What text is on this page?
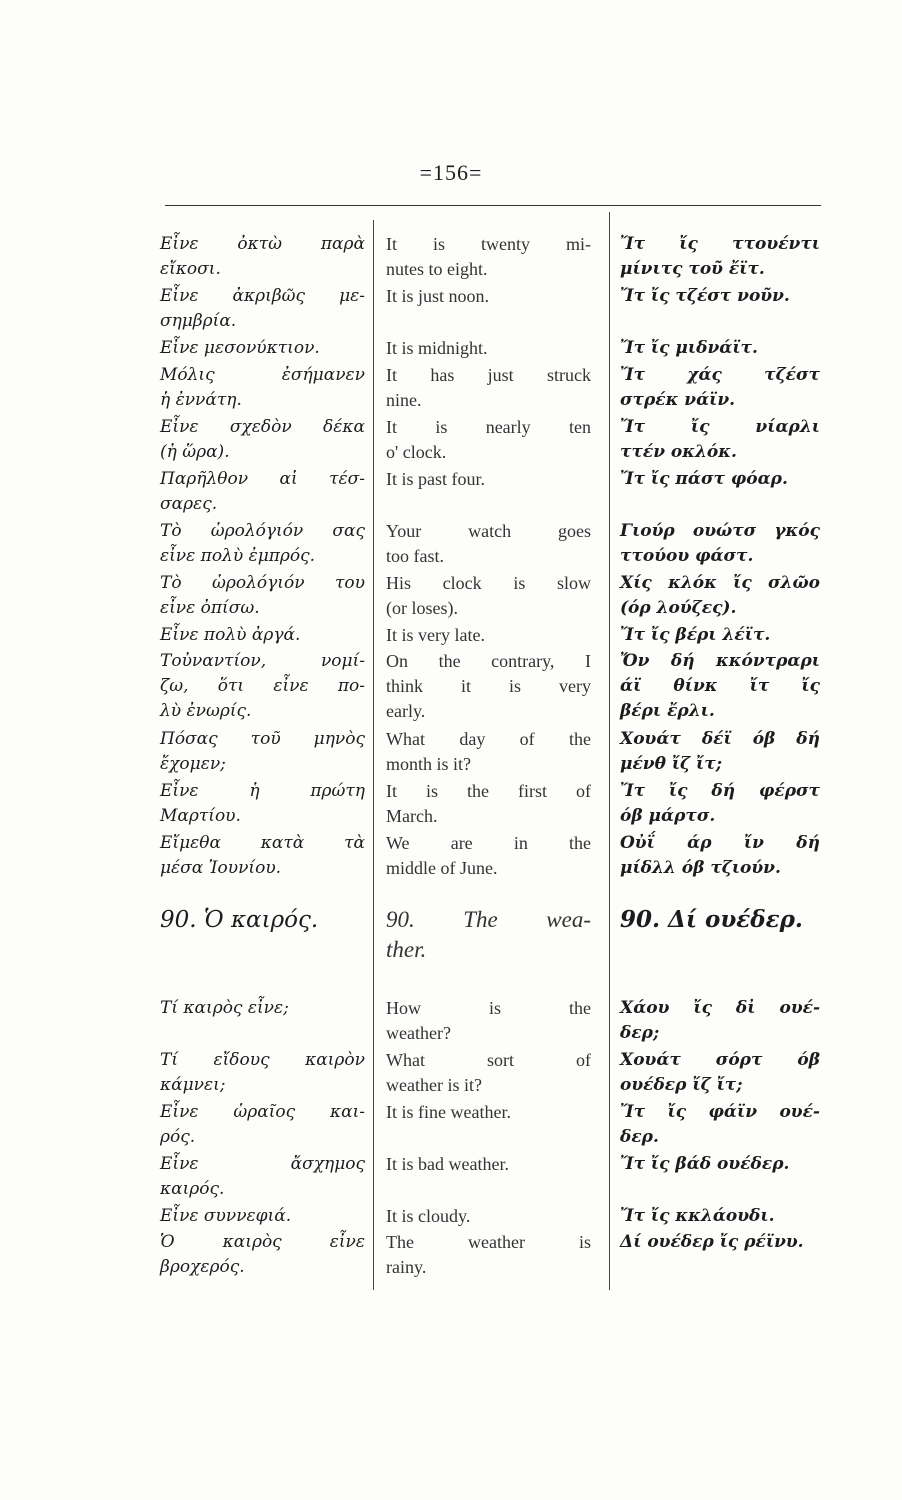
=156=
Εἶνε ὀκτὼ παρὰ
εἴκοσι.
Εἶνε ἀκριβῶς με-
σημβρία.
Εἶνε μεσονύκτιον.
Μόλις ἐσήμανεν
ἡ ἐννάτη.
Εἶνε σχεδὸν δέκα
(ἡ ὥρα).
Παρῆλθον αἱ τέσ-
σαρες.
Τὸ ὡρολόγιόν σας
εἶνε πολὺ ἐμπρός.
Τὸ ὡρολόγιόν του
εἶνε ὀπίσω.
Εἶνε πολὺ ἀργά.
Τοὐναντίον, νομί-
ζω, ὅτι εἶνε πο-
λὺ ἐνωρίς.
Πόσας τοῦ μηνὸς
ἔχομεν;
Εἶνε ἡ πρώτη
Μαρτίου.
Εἴμεθα κατὰ τὰ
μέσα Ἰουνίου.
90. Ὁ καιρός.
Τί καιρὸς εἶνε;
Τί εἴδους καιρὸν
κάμνει;
Εἶνε ὡραῖος και-
ρός.
Εἶνε ἄσχημος
καιρός.
Εἶνε συννεφιά.
Ὁ καιρὸς εἶνε
βροχερός.
It is twenty mi-
nutes to eight.
It is just noon.
It is midnight.
It has just struck
nine.
It is nearly ten
o' clock.
It is past four.
Your watch goes
too fast.
His clock is slow
(or loses).
It is very late.
On the contrary, I
think it is very
early.
What day of the
month is it?
It is the first of
March.
We are in the
middle of June.
90. The wea-
ther.
How is the
weather?
What sort of
weather is it?
It is fine weather.
It is bad weather.
It is cloudy.
The weather is
rainy.
Ἴτ ἴς ττουέντι
μίνιτς τοῦ ἔϊτ.
Ἴτ ἴς τζέστ νοῦν.
Ἴτ ἴς μιδνάϊτ.
Ἴτ χάς τζέστ
στρέκ νάϊν.
Ἴτ ἴς νίαρλι
ττέν οκλόκ.
Ἴτ ἴς πάστ φόαρ.
Γιούρ ουώτσ γκός
ττούου φάστ.
Χίς κλόκ ἴς σλῶο
(όρ λούζες).
Ἴτ ἴς βέρι λέϊτ.
Ὄν δή κκόντραρι
άϊ θίνκ ἴτ ἴς
βέρι ἔρλι.
Χουάτ δέϊ όβ δή
μένθ ἴζ ἴτ;
Ἴτ ἴς δή φέρστ
όβ μάρτσ.
Οὐΐ άρ ἴν δή
μίδλλ όβ τζιούν.
90. Δί ουέδερ.
Χάου ἴς δἰ ουέ-
δερ;
Χουάτ σόρτ όβ
ουέδερ ἴζ ἴτ;
Ἴτ ἴς φάϊν ουέ-
δερ.
Ἴτ ἴς βάδ ουέδερ.
Ἴτ ἴς κκλάουδι.
Δί ουέδερ ἴς ρέϊνυ.
